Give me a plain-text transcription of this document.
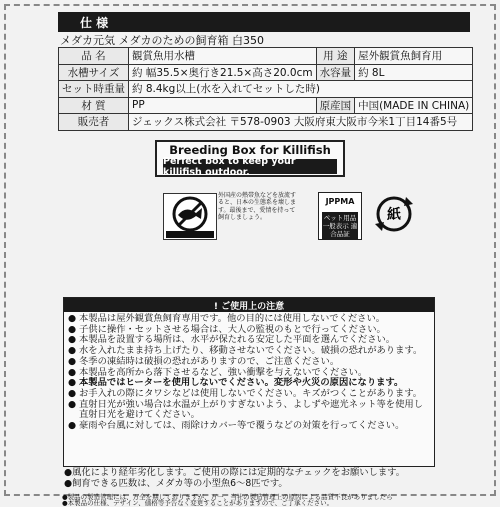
仕 様
メダカ元気 メダカのための飼育箱 白350
品 名	観賞魚用水槽	用 途	屋外観賞魚飼育用
水槽サイズ	約 幅35.5×奥行き21.5×高さ20.0cm	水容量	約 8L
セット時重量	約 8.4kg以上(水を入れてセットした時)		
材 質	PP	原産国	中国(MADE IN CHINA)
販売者	ジェックス株式会社 〒578-0903 大阪府東大阪市今米1丁目14番5号		
Breeding Box for Killifish
Perfect box to keep your killifish outdoor.
外国産の熱帯魚などを放流すると、日本の生態系を壊します。最後まで、愛情を持って飼育しましょう。
JPPMA
ペット用品 一般表示 適合品証
紙
! ご使用上の注意
● 本製品は屋外観賞魚飼育専用です。他の目的には使用しないでください。
● 子供に操作・セットさせる場合は、大人の監視のもとで行ってください。
● 本製品を設置する場所は、水平が保たれる安定した平面を選んでください。
● 水を入れたまま持ち上げたり、移動させないでください。破損の恐れがあります。
● 冬季の凍結時は破損の恐れがありますので、ご注意ください。
● 本製品を高所から落下させるなど、強い衝撃を与えないでください。
● 本製品ではヒーターを使用しないでください。変形や火災の原因になります。
● お手入れの際にタワシなどは使用しないでください。キズがつくことがあります。
● 直射日光が強い場合は水温が上がりすぎないよう、よしずや遮光ネット等を使用し
直射日光を避けてください。
● 豪雨や台風に対しては、雨除けカバー等で覆うなどの対策を行ってください。
●風化により経年劣化します。ご使用の際には定期的なチェックをお願いします。
●飼育できる匹数は、メダカ等の小型魚6～8匹です。
●製品の製造管理には、万全を期しておりますが、万一、当社の製造管理上の原因による品質不良がありましたら
●本製品の仕様、デザイン、価格等予告なく変更することがありますので、ご了承ください。
